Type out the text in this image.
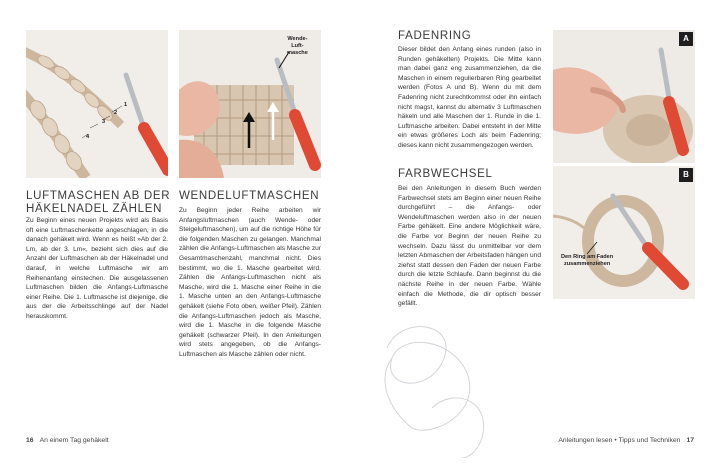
1
2
3
4
Wende-
Luft-
masche
LUFTMASCHEN AB DER
HÄKELNADEL ZÄHLEN
Zu Beginn eines neuen Projekts wird als Basis oft eine Luftmaschenkette angeschlagen, in die danach gehäkelt wird. Wenn es heißt »Ab der 2. Lm, ab der 3. Lm«, bezieht sich dies auf die Anzahl der Luftmaschen ab der Häkelnadel und darauf, in welche Luftmasche wir am Reihenanfang einstechen. Die ausgelassenen Luftmaschen bilden die Anfangs-Luftmasche einer Reihe. Die 1. Luftmasche ist diejenige, die aus der die Arbeitsschlinge auf der Nadel herauskommt.
WENDELUFTMASCHEN
Zu Beginn jeder Reihe arbeiten wir Anfangsluftmaschen (auch Wende- oder Steigeluftmaschen), um auf die richtige Höhe für die folgenden Maschen zu gelangen. Manchmal zählen die Anfangs-Luftmaschen als Masche zur Gesamtmaschenzahl, manchmal nicht. Dies bestimmt, wo die 1. Masche gearbeitet wird. Zählen die Anfangs-Luftmaschen nicht als Masche, wird die 1. Masche einer Reihe in die 1. Masche unten an den Anfangs-Luftmasche gehäkelt (siehe Foto oben, weißer Pfeil). Zählen die Anfangs-Luftmaschen jedoch als Masche, wird die 1. Masche in die folgende Masche gehäkelt (schwarzer Pfeil). In den Anleitungen wird stets angegeben, ob die Anfangs-Luftmaschen als Masche zählen oder nicht.
16 An einem Tag gehäkelt
FADENRING
Dieser bildet den Anfang eines runden (also in Runden gehäkelten) Projekts. Die Mitte kann man dabei ganz eng zusammenziehen, da die Maschen in einem regulierbaren Ring gearbeitet werden (Fotos A und B). Wenn du mit dem Fadenring nicht zurechtkommst oder ihn einfach nicht magst, kannst du alternativ 3 Luftmaschen häkeln und alle Maschen der 1. Runde in die 1. Luftmasche arbeiten. Dabei entsteht in der Mitte ein etwas größeres Loch als beim Fadenring; dieses kann nicht zusammengezogen werden.
FARBWECHSEL
Bei den Anleitungen in diesem Buch werden Farbwechsel stets am Beginn einer neuen Reihe durchgeführt – die Anfangs- oder Wendeluftmaschen werden also in der neuen Farbe gehäkelt. Eine andere Möglichkeit wäre, die Farbe vor Beginn der neuen Reihe zu wechseln. Dazu lässt du unmittelbar vor dem letzten Abmaschen der Arbeitsfaden hängen und ziehst statt dessen den Faden der neuen Farbe durch die letzte Schlaufe. Dann beginnst du die nächste Reihe in der neuen Farbe. Wähle einfach die Methode, die dir optisch besser gefällt.
A
B
Den Ring am Faden
zusammenziehen
Anleitungen lesen • Tipps und Techniken 17
